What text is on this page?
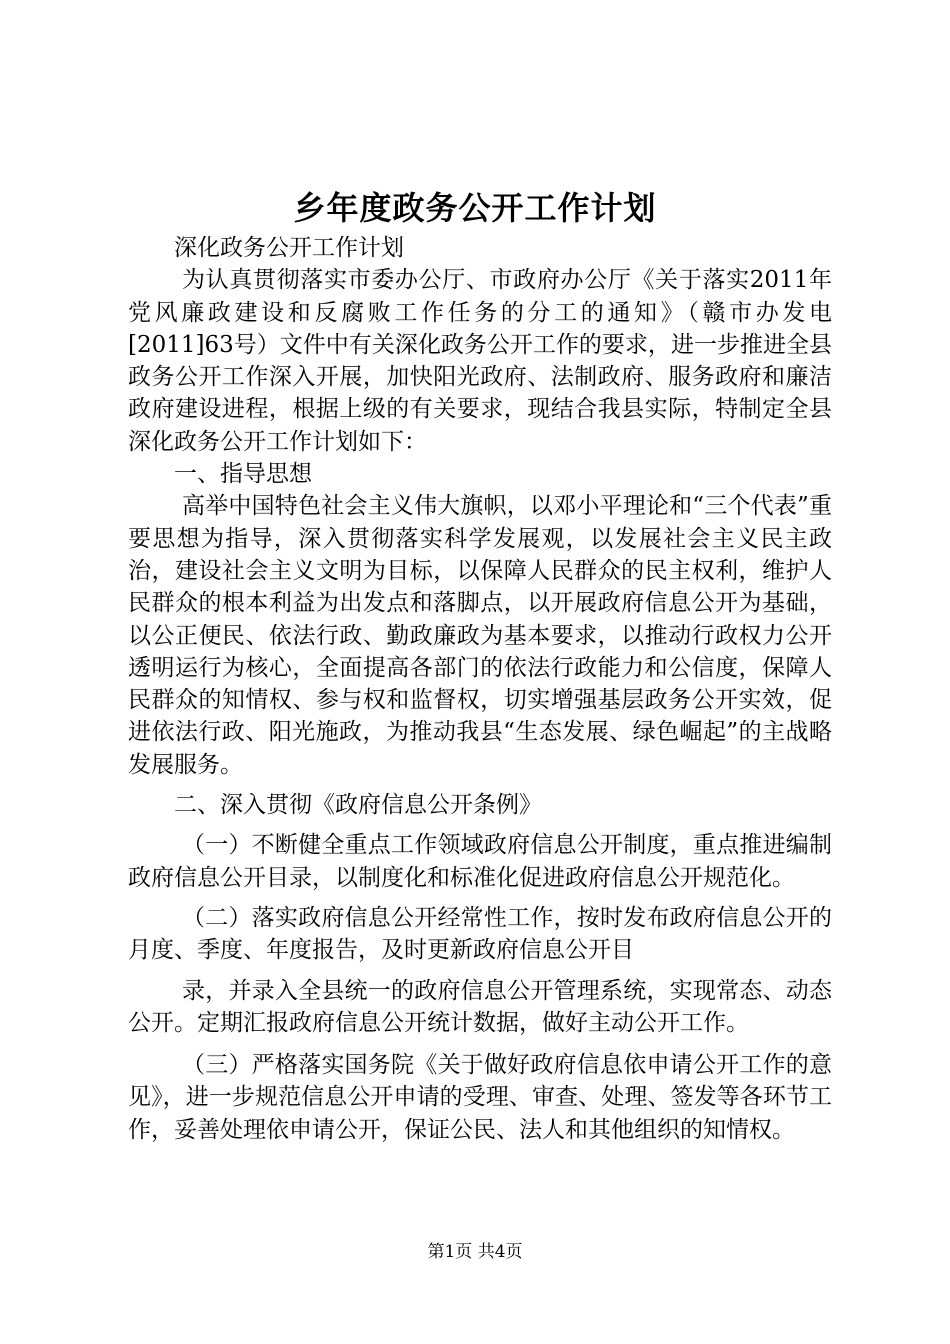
乡年度政务公开工作计划

深化政务公开工作计划

为认真贯彻落实市委办公厅、市政府办公厅《关于落实2011年党风廉政建设和反腐败工作任务的分工的通知》（赣市办发电[2011]63号）文件中有关深化政务公开工作的要求，进一步推进全县政务公开工作深入开展，加快阳光政府、法制政府、服务政府和廉洁政府建设进程，根据上级的有关要求，现结合我县实际，特制定全县深化政务公开工作计划如下：

一、指导思想

高举中国特色社会主义伟大旗帜，以邓小平理论和“三个代表”重要思想为指导，深入贯彻落实科学发展观，以发展社会主义民主政治，建设社会主义文明为目标，以保障人民群众的民主权利，维护人民群众的根本利益为出发点和落脚点，以开展政府信息公开为基础，以公正便民、依法行政、勤政廉政为基本要求，以推动行政权力公开透明运行为核心，全面提高各部门的依法行政能力和公信度，保障人民群众的知情权、参与权和监督权，切实增强基层政务公开实效，促进依法行政、阳光施政，为推动我县“生态发展、绿色崛起”的主战略发展服务。

二、深入贯彻《政府信息公开条例》

（一）不断健全重点工作领域政府信息公开制度，重点推进编制政府信息公开目录，以制度化和标准化促进政府信息公开规范化。

（二）落实政府信息公开经常性工作，按时发布政府信息公开的月度、季度、年度报告，及时更新政府信息公开目

录，并录入全县统一的政府信息公开管理系统，实现常态、动态公开。定期汇报政府信息公开统计数据，做好主动公开工作。

（三）严格落实国务院《关于做好政府信息依申请公开工作的意见》，进一步规范信息公开申请的受理、审查、处理、签发等各环节工作，妥善处理依申请公开，保证公民、法人和其他组织的知情权。

第1页 共4页
